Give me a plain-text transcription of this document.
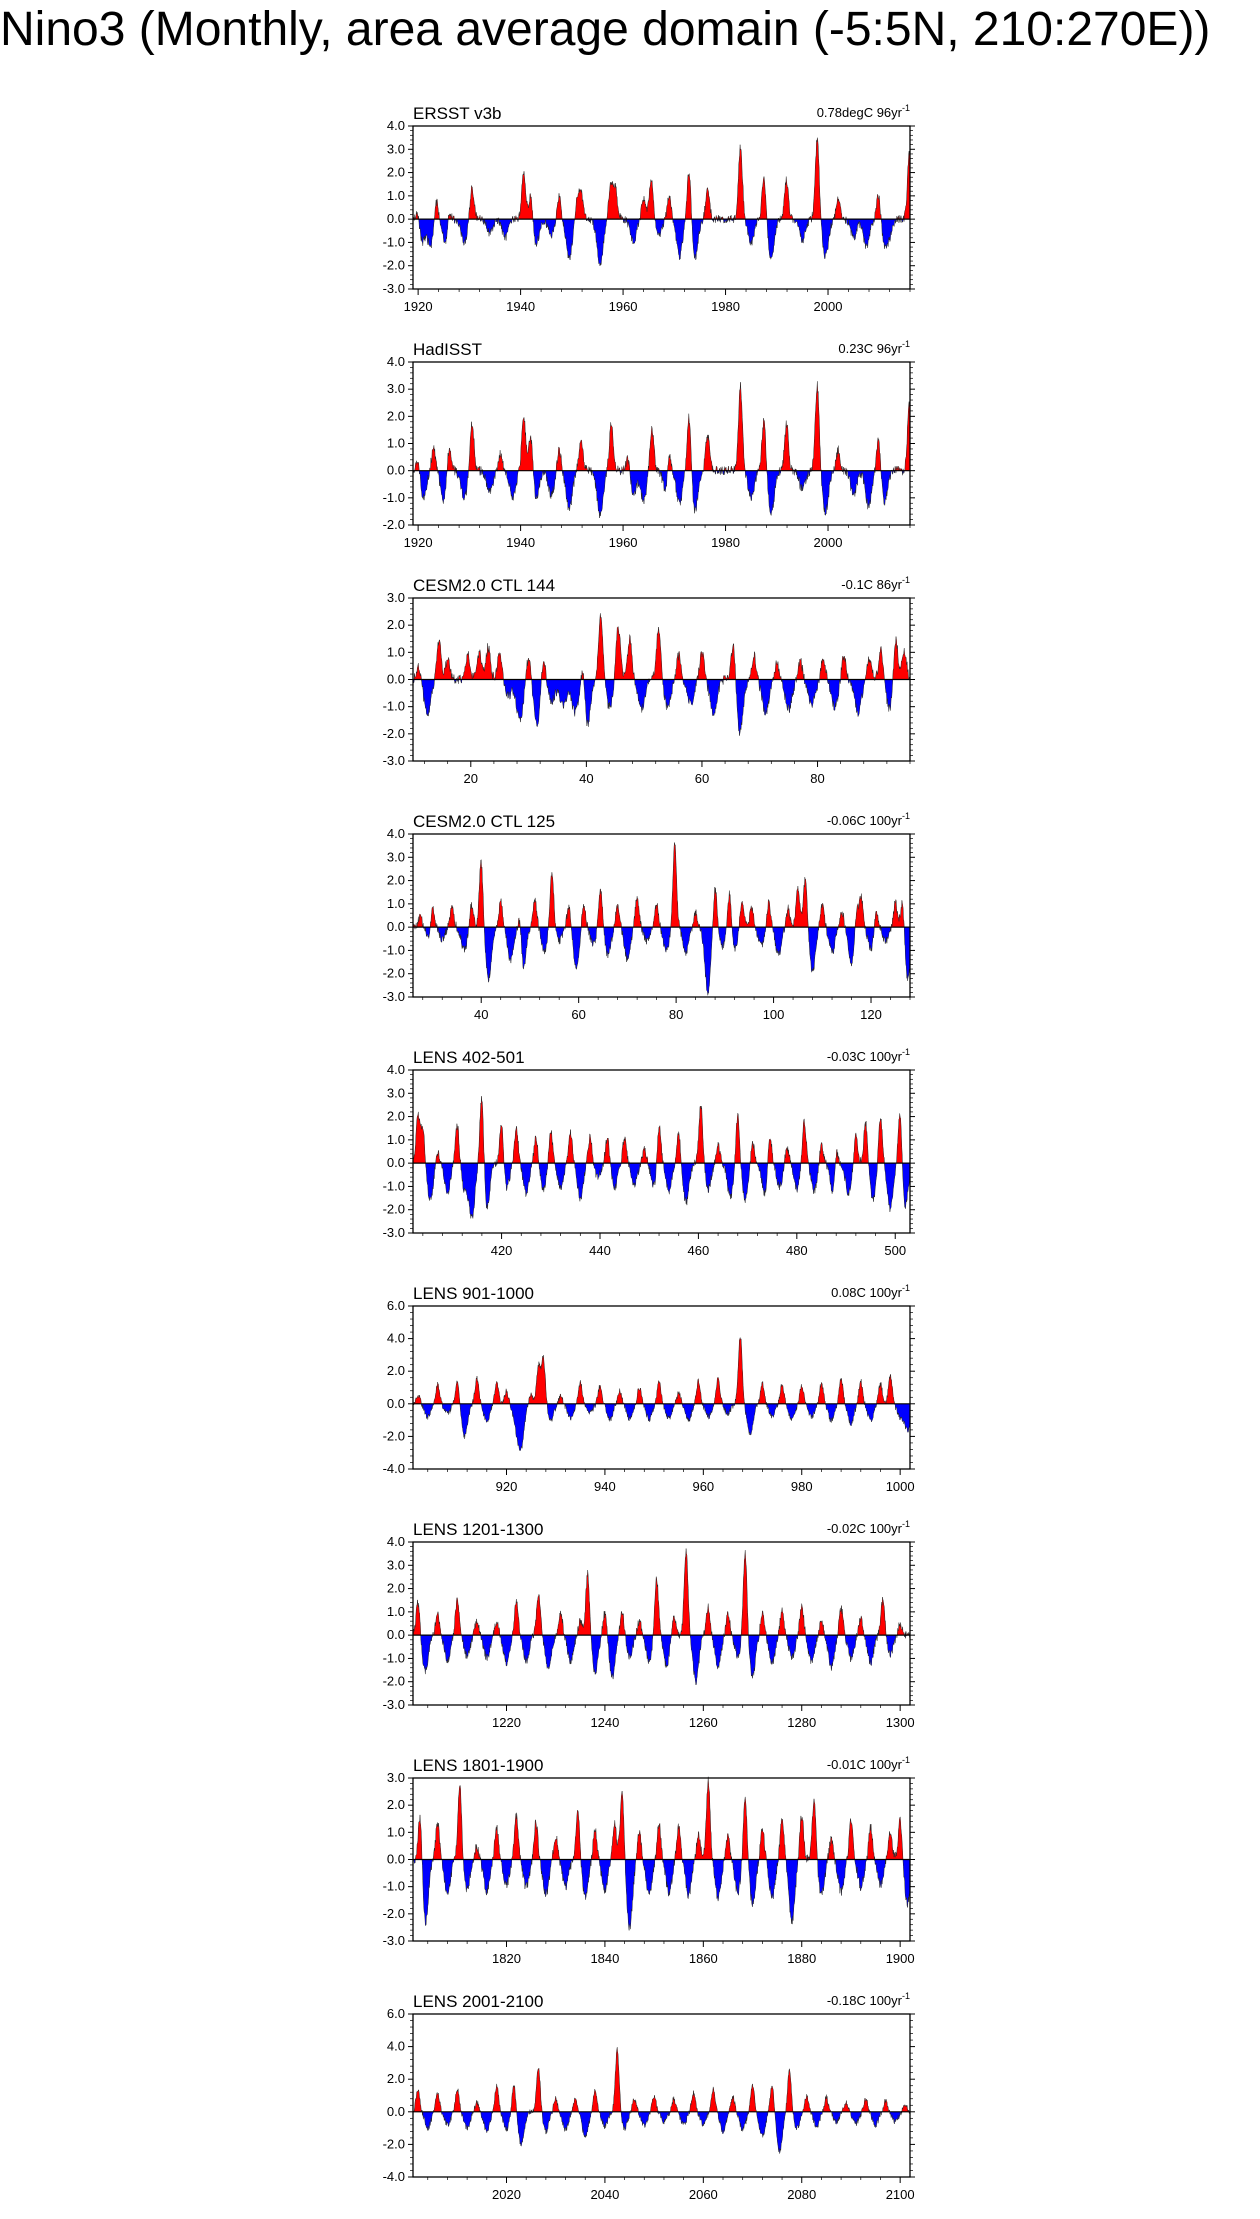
Nino3 (Monthly, area average domain (-5:5N, 210:270E))
-3.0
-2.0
-1.0
0.0
1.0
2.0
3.0
4.0
1920	1940	1960	1980	2000
ERSST v3b	0.78degC $96yr^{-1}$
-2.0
-1.0
0.0
1.0
2.0
3.0
4.0
1920	1940	1960	1980	2000
HadISST	0.23C $96yr^{-1}$
-3.0
-2.0
-1.0
0.0
1.0
2.0
3.0
20	40	60	80
CESM2.0 CTL 144	-0.1C $86yr^{-1}$
-3.0
-2.0
-1.0
0.0
1.0
2.0
3.0
4.0
40	60	80	100	120
CESM2.0 CTL 125	-0.06C $100yr^{-1}$
-3.0
-2.0
-1.0
0.0
1.0
2.0
3.0
4.0
420	440	460	480	500
LENS 402-501	-0.03C $100yr^{-1}$
-4.0
-2.0
0.0
2.0
4.0
6.0
920	940	960	980	1000
LENS 901-1000	0.08C $100yr^{-1}$
-3.0
-2.0
-1.0
0.0
1.0
2.0
3.0
4.0
1220	1240	1260	1280	1300
LENS 1201-1300	-0.02C $100yr^{-1}$
-3.0
-2.0
-1.0
0.0
1.0
2.0
3.0
1820	1840	1860	1880	1900
LENS 1801-1900	-0.01C $100yr^{-1}$
-4.0
-2.0
0.0
2.0
4.0
6.0
2020	2040	2060	2080	2100
LENS 2001-2100	-0.18C $100yr^{-1}$
